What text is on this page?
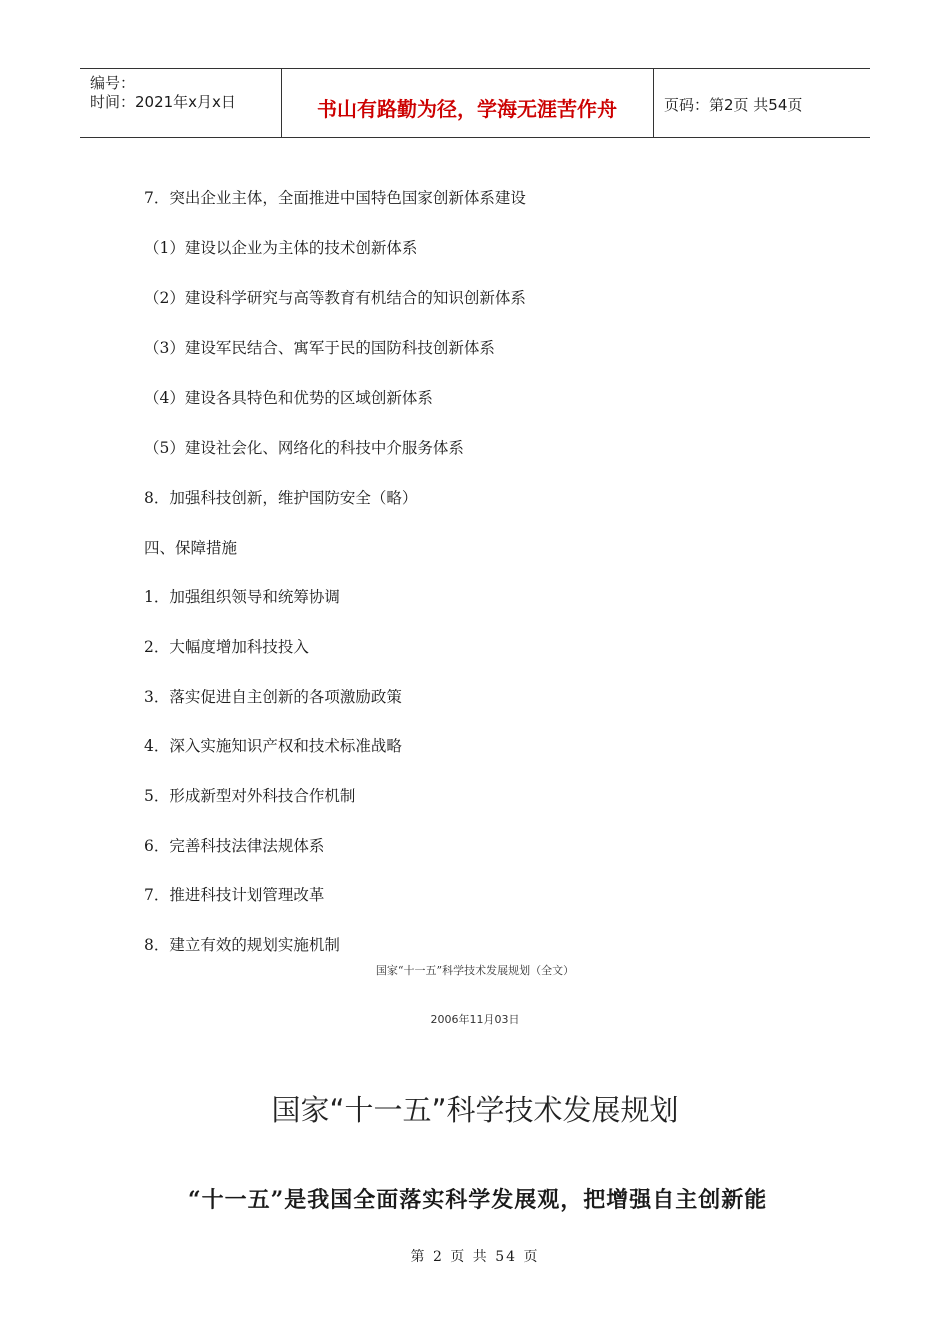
编号：
时间：2021年x月x日	书山有路勤为径，学海无涯苦作舟	页码：第2页 共54页
7．突出企业主体，全面推进中国特色国家创新体系建设
（1）建设以企业为主体的技术创新体系
（2）建设科学研究与高等教育有机结合的知识创新体系
（3）建设军民结合、寓军于民的国防科技创新体系
（4）建设各具特色和优势的区域创新体系
（5）建设社会化、网络化的科技中介服务体系
8．加强科技创新，维护国防安全（略）
四、保障措施
1．加强组织领导和统筹协调
2．大幅度增加科技投入
3．落实促进自主创新的各项激励政策
4．深入实施知识产权和技术标准战略
5．形成新型对外科技合作机制
6．完善科技法律法规体系
7．推进科技计划管理改革
8．建立有效的规划实施机制
国家“十一五”科学技术发展规划（全文）
2006年11月03日
国家“十一五”科学技术发展规划
“十一五”是我国全面落实科学发展观，把增强自主创新能
第 2 页 共 54 页
